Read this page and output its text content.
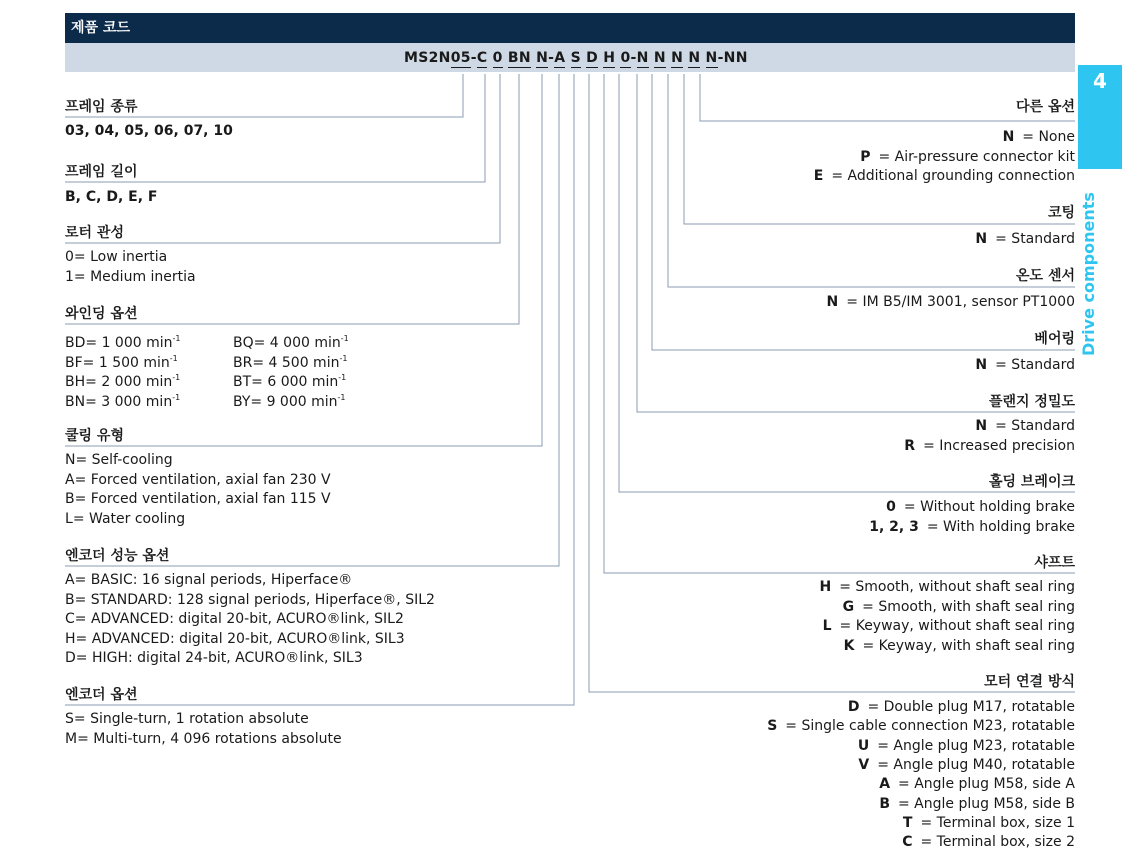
제품 코드
MS2N05-C 0 BN N-A S D H 0-N N N N N-NN
4
Drive components
프레임 종류
03, 04, 05, 06, 07, 10
프레임 길이
B, C, D, E, F
로터 관성
와인딩 옵션
쿨링 유형
엔코더 성능 옵션
엔코더 옵션
다른 옵션
코팅
온도 센서
베어링
플랜지 정밀도
홀딩 브레이크
샤프트
모터 연결 방식
0= Low inertia
1= Medium inertia
BD= 1 000 $\min^{-1}$
BF= 1 500 $\min^{-1}$
BH= 2 000 $\min^{-1}$
BN= 3 000 $\min^{-1}$
BQ= 4 000 $\min^{-1}$
BR= 4 500 $\min^{-1}$
BT= 6 000 $\min^{-1}$
BY= 9 000 $\min^{-1}$
N= Self-cooling
A= Forced ventilation, axial fan 230 V
B= Forced ventilation, axial fan 115 V
L= Water cooling
A= BASIC: 16 signal periods, Hiperface®
B= STANDARD: 128 signal periods, Hiperface®, SIL2
C= ADVANCED: digital 20-bit, ACURO®link, SIL2
H= ADVANCED: digital 20-bit, ACURO®link, SIL3
D= HIGH: digital 24-bit, ACURO®link, SIL3
S= Single-turn, 1 rotation absolute
M= Multi-turn, 4 096 rotations absolute
N = None
P = Air-pressure connector kit
E = Additional grounding connection
N = Standard
N = IM B5/IM 3001, sensor PT1000
N = Standard
N = Standard
R = Increased precision
0 = Without holding brake
1, 2, 3 = With holding brake
H = Smooth, without shaft seal ring
G = Smooth, with shaft seal ring
L = Keyway, without shaft seal ring
K = Keyway, with shaft seal ring
D = Double plug M17, rotatable
S = Single cable connection M23, rotatable
U = Angle plug M23, rotatable
V = Angle plug M40, rotatable
A = Angle plug M58, side A
B = Angle plug M58, side B
T = Terminal box, size 1
C = Terminal box, size 2
